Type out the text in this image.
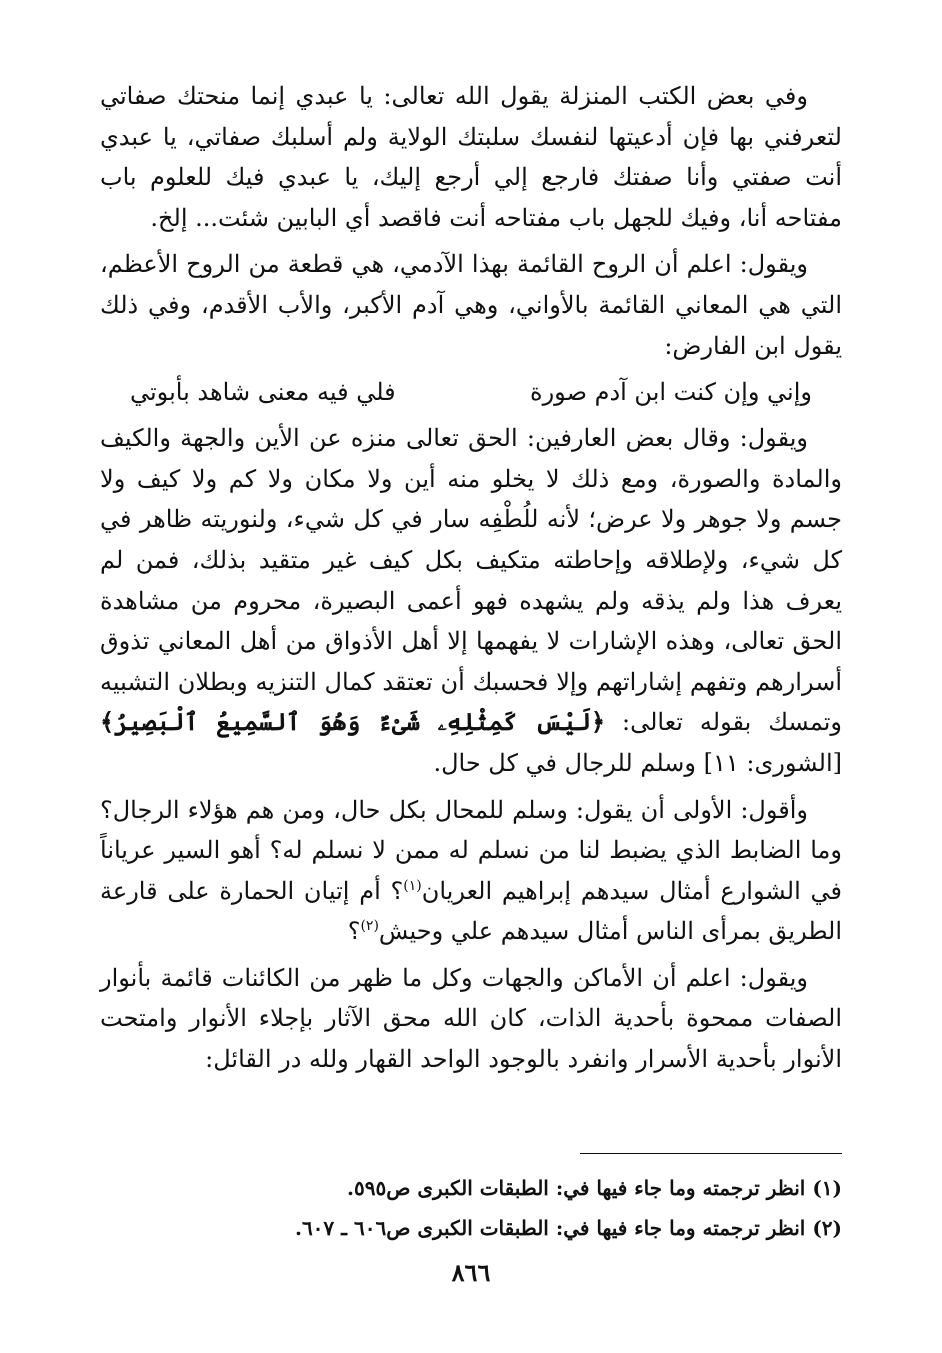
وفي بعض الكتب المنزلة يقول الله تعالى: يا عبدي إنما منحتك صفاتي لتعرفني بها فإن أدعيتها لنفسك سلبتك الولاية ولم أسلبك صفاتي، يا عبدي أنت صفتي وأنا صفتك فارجع إلي أرجع إليك، يا عبدي فيك للعلوم باب مفتاحه أنا، وفيك للجهل باب مفتاحه أنت فاقصد أي البابين شئت... إلخ.

ويقول: اعلم أن الروح القائمة بهذا الآدمي، هي قطعة من الروح الأعظم، التي هي المعاني القائمة بالأواني، وهي آدم الأكبر، والأب الأقدم، وفي ذلك يقول ابن الفارض:

وإني وإن كنت ابن آدم صورة
فلي فيه معنى شاهد بأبوتي

ويقول: وقال بعض العارفين: الحق تعالى منزه عن الأين والجهة والكيف والمادة والصورة، ومع ذلك لا يخلو منه أين ولا مكان ولا كم ولا كيف ولا جسم ولا جوهر ولا عرض؛ لأنه للُطْفِه سار في كل شيء، ولنوريته ظاهر في كل شيء، ولإطلاقه وإحاطته متكيف بكل كيف غير متقيد بذلك، فمن لم يعرف هذا ولم يذقه ولم يشهده فهو أعمى البصيرة، محروم من مشاهدة الحق تعالى، وهذه الإشارات لا يفهمها إلا أهل الأذواق من أهل المعاني تذوق أسرارهم وتفهم إشاراتهم وإلا فحسبك أن تعتقد كمال التنزيه وبطلان التشبيه وتمسك بقوله تعالى: ﴿لَيْسَ كَمِثْلِهِۦ شَىْءٌ وَهُوَ ٱلسَّمِيعُ ٱلْبَصِيرُ﴾ [الشورى: ١١] وسلم للرجال في كل حال.

وأقول: الأولى أن يقول: وسلم للمحال بكل حال، ومن هم هؤلاء الرجال؟ وما الضابط الذي يضبط لنا من نسلم له ممن لا نسلم له؟ أهو السير عرياناً في الشوارع أمثال سيدهم إبراهيم العريان$^{(١)}$؟ أم إتيان الحمارة على قارعة الطريق بمرأى الناس أمثال سيدهم علي وحيش$^{(٢)}$؟

ويقول: اعلم أن الأماكن والجهات وكل ما ظهر من الكائنات قائمة بأنوار الصفات ممحوة بأحدية الذات، كان الله محق الآثار بإجلاء الأنوار وامتحت الأنوار بأحدية الأسرار وانفرد بالوجود الواحد القهار ولله در القائل:

(١) انظر ترجمته وما جاء فيها في: الطبقات الكبرى ص٥٩٥.

(٢) انظر ترجمته وما جاء فيها في: الطبقات الكبرى ص٦٠٦ ـ ٦٠٧.

٨٦٦
